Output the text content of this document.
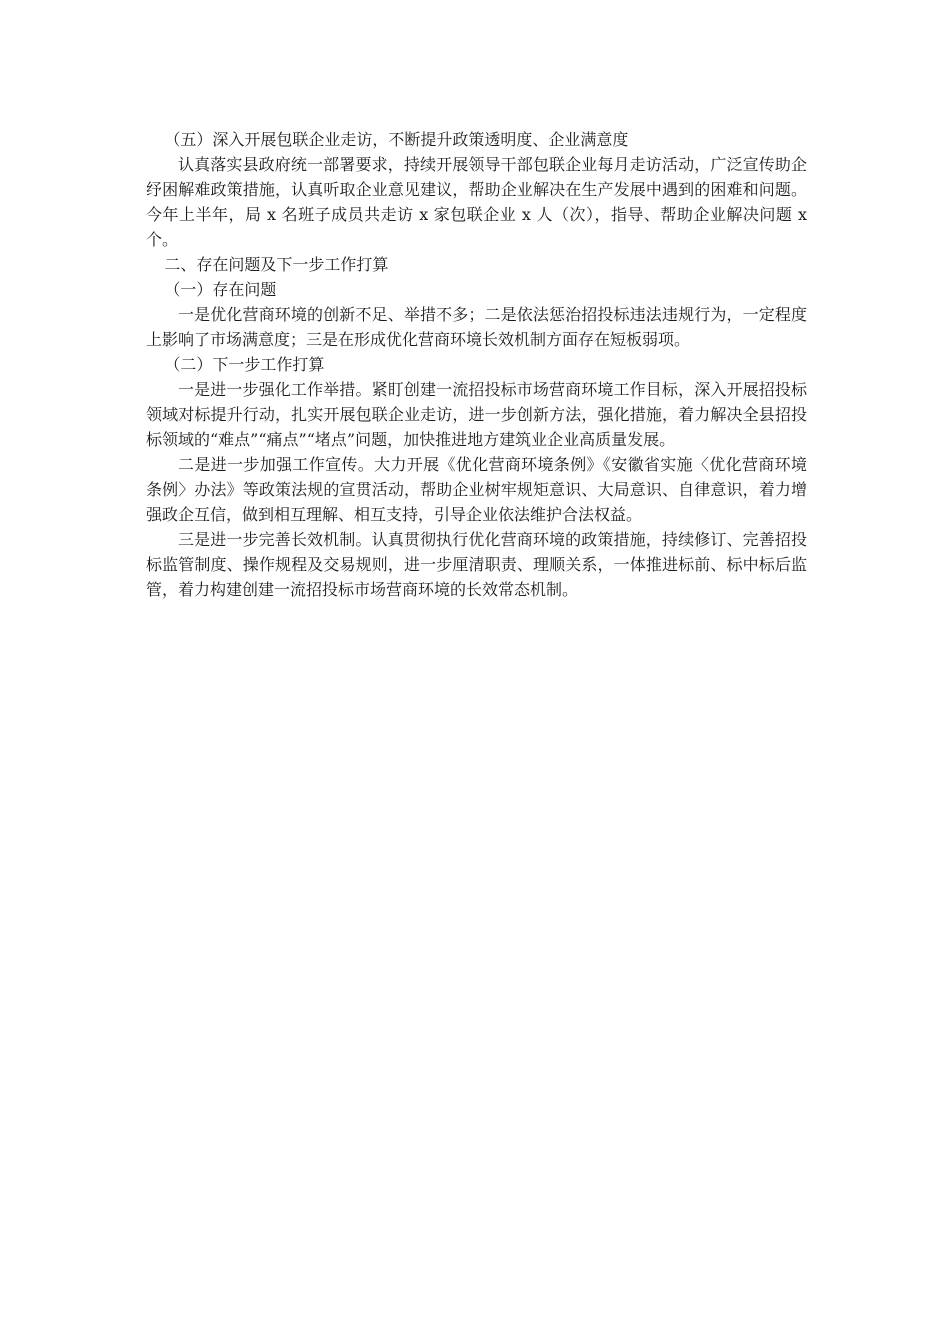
（五）深入开展包联企业走访，不断提升政策透明度、企业满意度

认真落实县政府统一部署要求，持续开展领导干部包联企业每月走访活动，广泛宣传助企纾困解难政策措施，认真听取企业意见建议，帮助企业解决在生产发展中遇到的困难和问题。今年上半年，局 x 名班子成员共走访 x 家包联企业 x 人（次），指导、帮助企业解决问题 x 个。

二、存在问题及下一步工作打算

（一）存在问题

一是优化营商环境的创新不足、举措不多；二是依法惩治招投标违法违规行为，一定程度上影响了市场满意度；三是在形成优化营商环境长效机制方面存在短板弱项。

（二）下一步工作打算

一是进一步强化工作举措。紧盯创建一流招投标市场营商环境工作目标，深入开展招投标领域对标提升行动，扎实开展包联企业走访，进一步创新方法，强化措施，着力解决全县招投标领域的“难点”“痛点”“堵点”问题，加快推进地方建筑业企业高质量发展。

二是进一步加强工作宣传。大力开展《优化营商环境条例》《安徽省实施〈优化营商环境条例〉办法》等政策法规的宣贯活动，帮助企业树牢规矩意识、大局意识、自律意识，着力增强政企互信，做到相互理解、相互支持，引导企业依法维护合法权益。

三是进一步完善长效机制。认真贯彻执行优化营商环境的政策措施，持续修订、完善招投标监管制度、操作规程及交易规则，进一步厘清职责、理顺关系，一体推进标前、标中标后监管，着力构建创建一流招投标市场营商环境的长效常态机制。
